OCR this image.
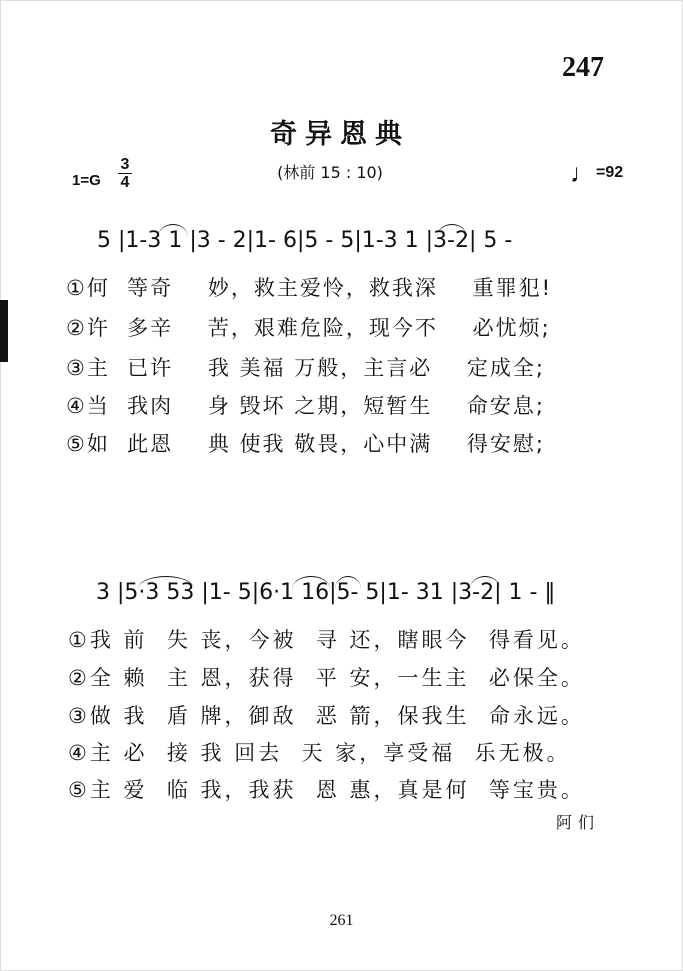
247
奇异恩典
(林前 15 : 10)
1=G
3
4	♩=92
5 |1-3 1 |3 - 2|1- 6|5 - 5|1-3 1 |3-2| 5 -
①何  等奇    妙，救主爱怜，救我深    重罪犯!
②许  多辛    苦，艰难危险，现今不    必忧烦;
③主  已许    我 美福 万般，主言必    定成全;
④当  我肉    身 毁坏 之期，短暂生    命安息;
⑤如  此恩    典 使我 敬畏，心中满    得安慰;
3 |5·3 53 |1- 5|6·1 16|5- 5|1- 31 |3-2| 1 - ‖
①我 前  失 丧，今被  寻 还，瞎眼今  得看见。
②全 赖  主 恩，获得  平 安，一生主  必保全。
③做 我  盾 牌，御敌  恶 箭，保我生  命永远。
④主 必  接 我 回去  天 家，享受福  乐无极。
⑤主 爱  临 我，我获  恩 惠，真是何  等宝贵。
阿们
261
